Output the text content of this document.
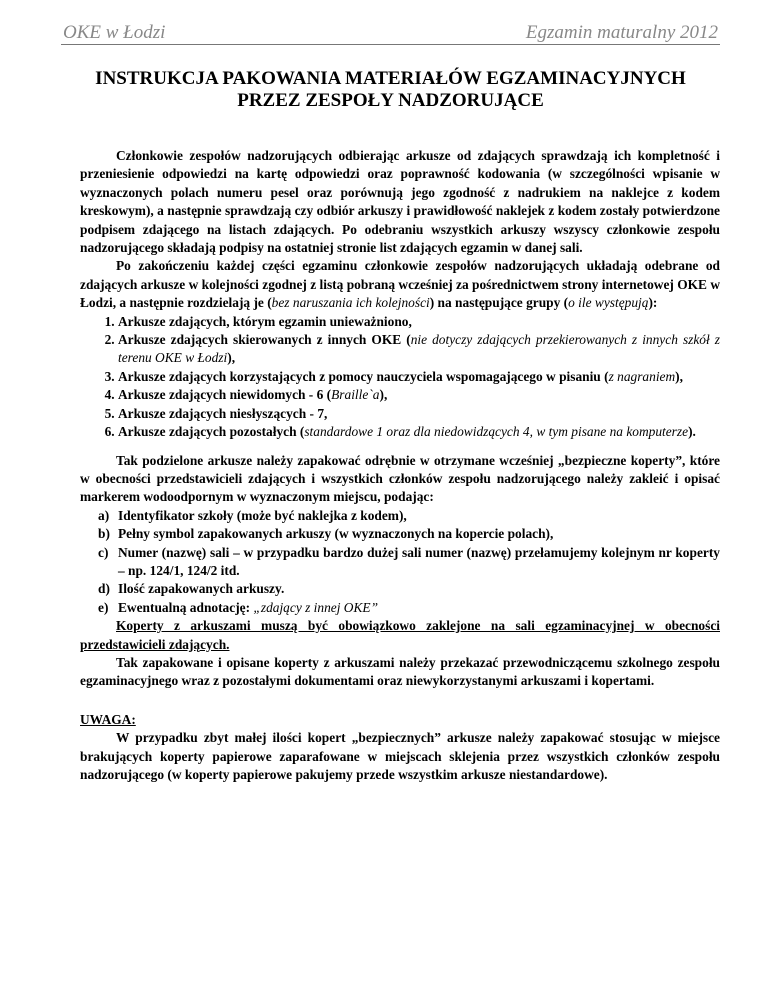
OKE w Łodzi	Egzamin maturalny 2012
INSTRUKCJA PAKOWANIA MATERIAŁÓW EGZAMINACYJNYCH
PRZEZ ZESPOŁY NADZORUJĄCE

Członkowie zespołów nadzorujących odbierając arkusze od zdających sprawdzają ich kompletność i przeniesienie odpowiedzi na kartę odpowiedzi oraz poprawność kodowania (w szczególności wpisanie w wyznaczonych polach numeru pesel oraz porównują jego zgodność z nadrukiem na naklejce z kodem kreskowym), a następnie sprawdzają czy odbiór arkuszy i prawidłowość naklejek z kodem zostały potwierdzone podpisem zdającego na listach zdających. Po odebraniu wszystkich arkuszy wszyscy członkowie zespołu nadzorującego składają podpisy na ostatniej stronie list zdających egzamin w danej sali.

Po zakończeniu każdej części egzaminu członkowie zespołów nadzorujących układają odebrane od zdających arkusze w kolejności zgodnej z listą pobraną wcześniej za pośrednictwem strony internetowej OKE w Łodzi, a następnie rozdzielają je (bez naruszania ich kolejności) na następujące grupy (o ile występują):

1. Arkusze zdających, którym egzamin unieważniono,
2. Arkusze zdających skierowanych z innych OKE (nie dotyczy zdających przekierowanych z innych szkół z terenu OKE w Łodzi),
3. Arkusze zdających korzystających z pomocy nauczyciela wspomagającego w pisaniu (z nagraniem),
4. Arkusze zdających niewidomych - 6 (Braille`a),
5. Arkusze zdających niesłyszących - 7,
6. Arkusze zdających pozostałych (standardowe 1 oraz dla niedowidzących 4, w tym pisane na komputerze).

Tak podzielone arkusze należy zapakować odrębnie w otrzymane wcześniej „bezpieczne koperty”, które w obecności przedstawicieli zdających i wszystkich członków zespołu nadzorującego należy zakleić i opisać markerem wodoodpornym w wyznaczonym miejscu, podając:

a) Identyfikator szkoły (może być naklejka z kodem),
b) Pełny symbol zapakowanych arkuszy (w wyznaczonych na kopercie polach),
c) Numer (nazwę) sali – w przypadku bardzo dużej sali numer (nazwę) przełamujemy kolejnym nr koperty – np. 124/1, 124/2 itd.
d) Ilość zapakowanych arkuszy.
e) Ewentualną adnotację: „zdający z innej OKE”

Koperty z arkuszami muszą być obowiązkowo zaklejone na sali egzaminacyjnej w obecności przedstawicieli zdających.

Tak zapakowane i opisane koperty z arkuszami należy przekazać przewodniczącemu szkolnego zespołu egzaminacyjnego wraz z pozostałymi dokumentami oraz niewykorzystanymi arkuszami i kopertami.

UWAGA:

W przypadku zbyt małej ilości kopert „bezpiecznych” arkusze należy zapakować stosując w miejsce brakujących koperty papierowe zaparafowane w miejscach sklejenia przez wszystkich członków zespołu nadzorującego (w koperty papierowe pakujemy przede wszystkim arkusze niestandardowe).
